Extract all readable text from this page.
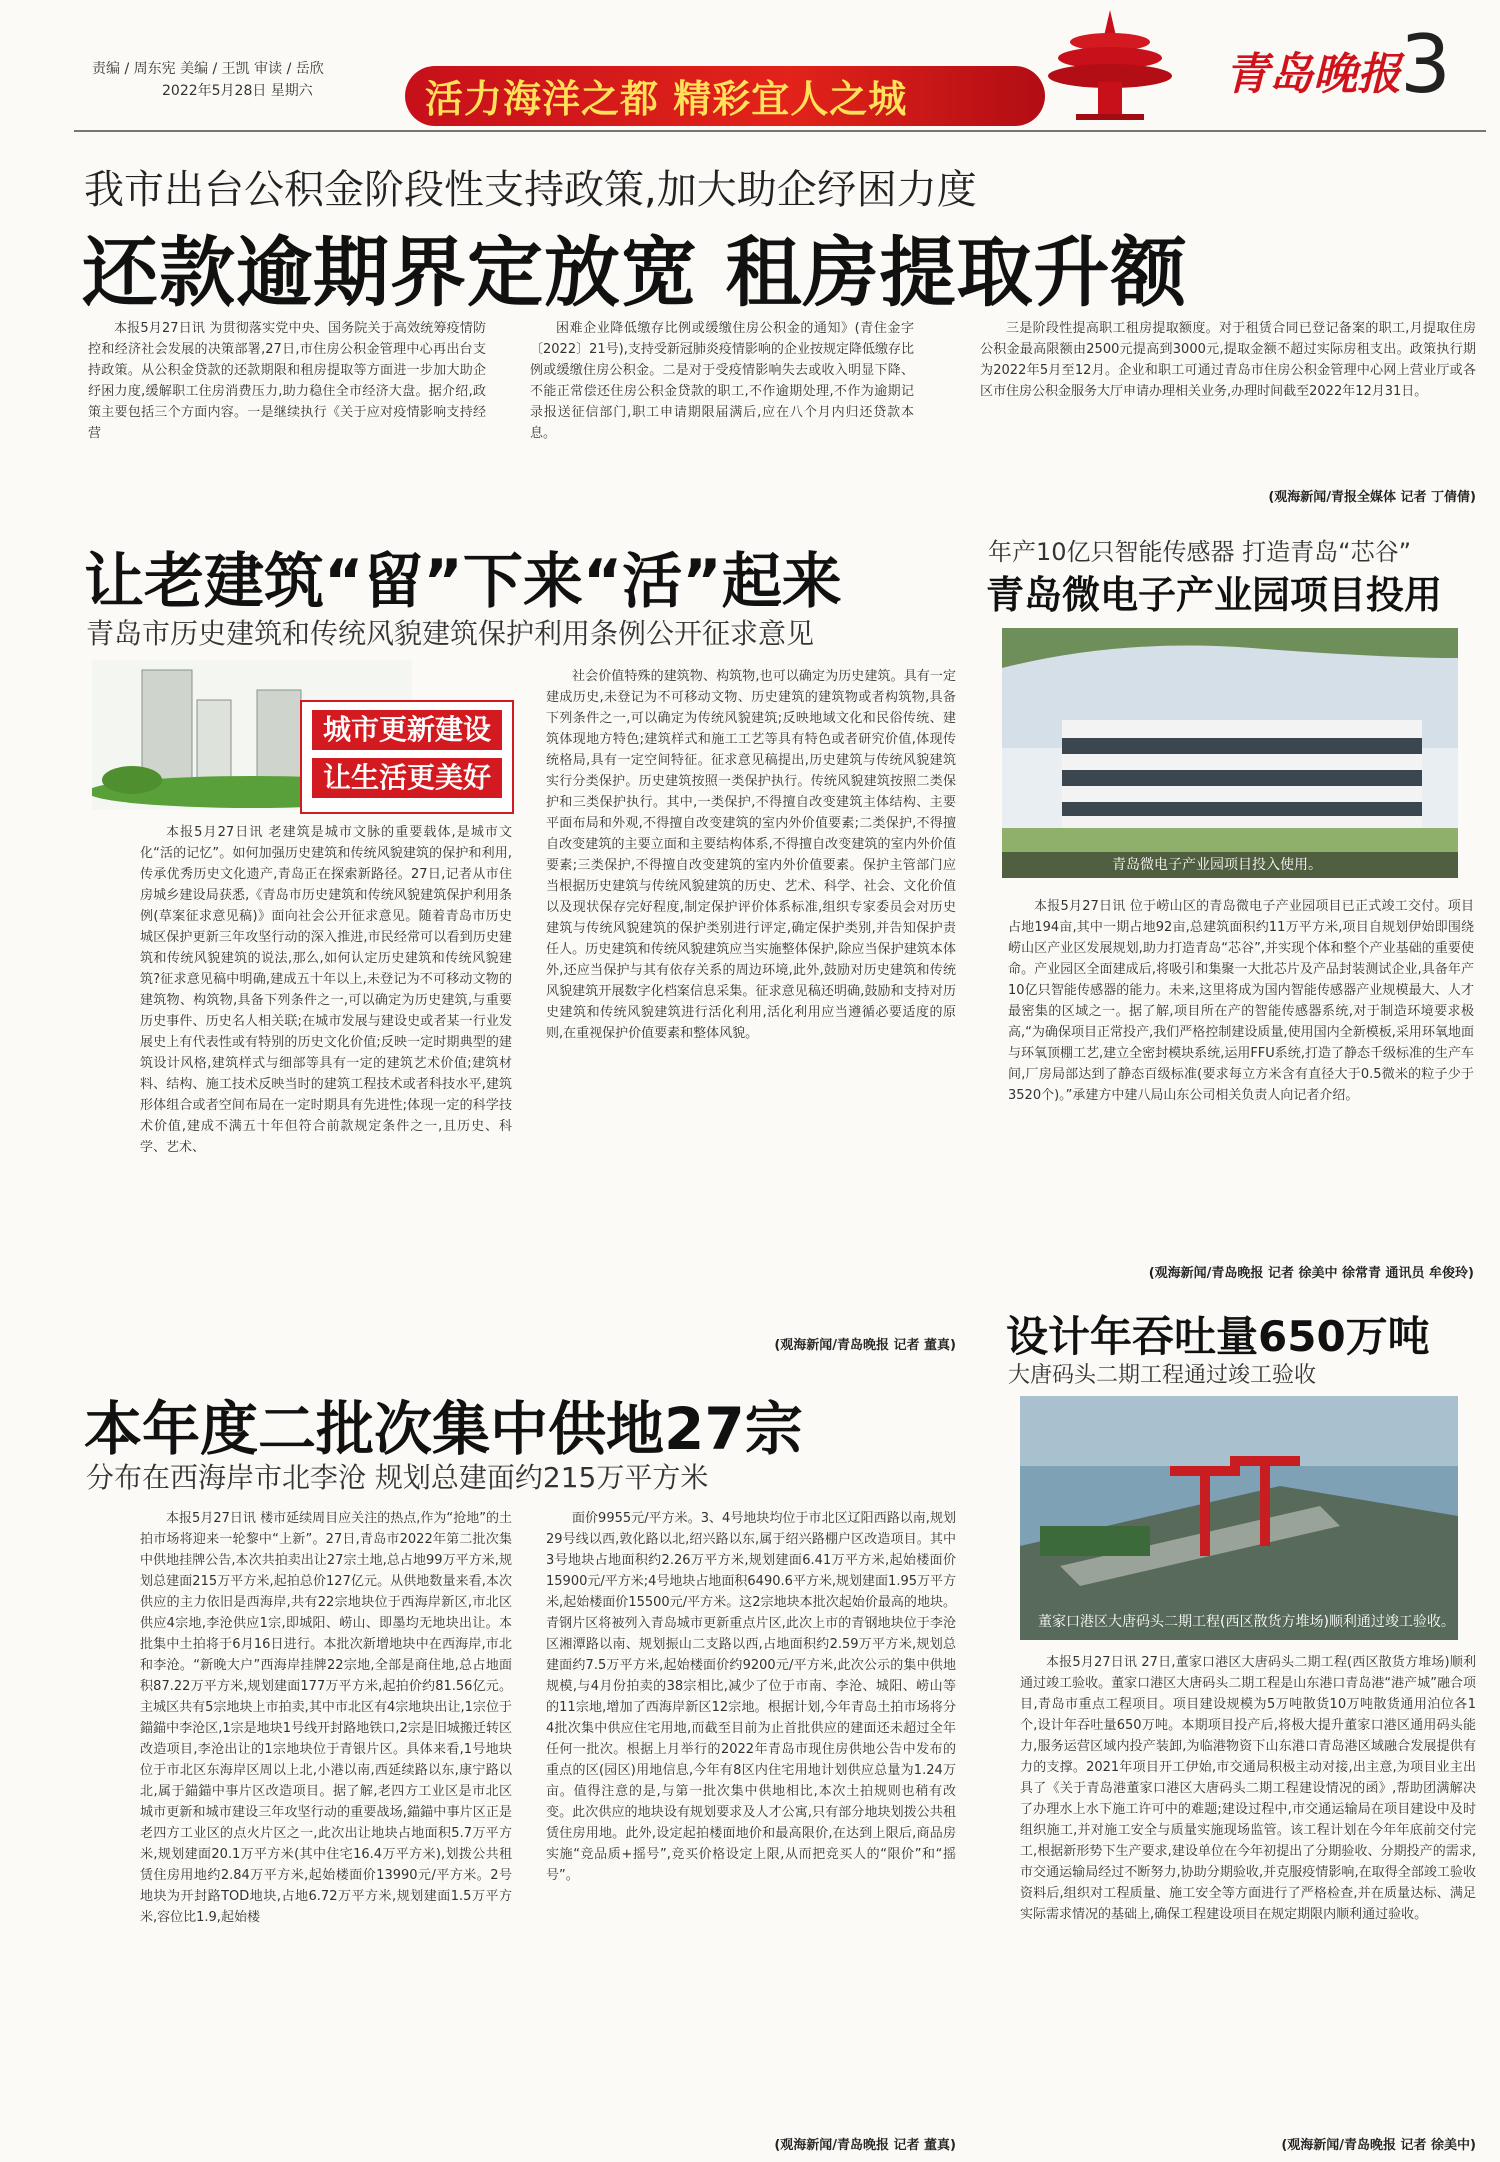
责编 / 周东宪 美编 / 王凯 审读 / 岳欣
2022年5月28日 星期六	活力海洋之都 精彩宜人之城	青岛晚报 3
我市出台公积金阶段性支持政策,加大助企纾困力度
还款逾期界定放宽 租房提取升额

本报5月27日讯 为贯彻落实党中央、国务院关于高效统筹疫情防控和经济社会发展的决策部署,27日,市住房公积金管理中心再出台支持政策。从公积金贷款的还款期限和租房提取等方面进一步加大助企纾困力度,缓解职工住房消费压力,助力稳住全市经济大盘。据介绍,政策主要包括三个方面内容。一是继续执行《关于应对疫情影响支持经营

困难企业降低缴存比例或缓缴住房公积金的通知》(青住金字〔2022〕21号),支持受新冠肺炎疫情影响的企业按规定降低缴存比例或缓缴住房公积金。二是对于受疫情影响失去或收入明显下降、不能正常偿还住房公积金贷款的职工,不作逾期处理,不作为逾期记录报送征信部门,职工申请期限届满后,应在八个月内归还贷款本息。

三是阶段性提高职工租房提取额度。对于租赁合同已登记备案的职工,月提取住房公积金最高限额由2500元提高到3000元,提取金额不超过实际房租支出。政策执行期为2022年5月至12月。企业和职工可通过青岛市住房公积金管理中心网上营业厅或各区市住房公积金服务大厅申请办理相关业务,办理时间截至2022年12月31日。

(观海新闻/青报全媒体 记者 丁倩倩)
让老建筑“留”下来“活”起来
青岛市历史建筑和传统风貌建筑保护利用条例公开征求意见
城市更新建设
让生活更美好

本报5月27日讯 老建筑是城市文脉的重要载体,是城市文化“活的记忆”。如何加强历史建筑和传统风貌建筑的保护和利用,传承优秀历史文化遗产,青岛正在探索新路径。27日,记者从市住房城乡建设局获悉,《青岛市历史建筑和传统风貌建筑保护利用条例(草案征求意见稿)》面向社会公开征求意见。随着青岛市历史城区保护更新三年攻坚行动的深入推进,市民经常可以看到历史建筑和传统风貌建筑的说法,那么,如何认定历史建筑和传统风貌建筑?征求意见稿中明确,建成五十年以上,未登记为不可移动文物的建筑物、构筑物,具备下列条件之一,可以确定为历史建筑,与重要历史事件、历史名人相关联;在城市发展与建设史或者某一行业发展史上有代表性或有特别的历史文化价值;反映一定时期典型的建筑设计风格,建筑样式与细部等具有一定的建筑艺术价值;建筑材料、结构、施工技术反映当时的建筑工程技术或者科技水平,建筑形体组合或者空间布局在一定时期具有先进性;体现一定的科学技术价值,建成不满五十年但符合前款规定条件之一,且历史、科学、艺术、

社会价值特殊的建筑物、构筑物,也可以确定为历史建筑。具有一定建成历史,未登记为不可移动文物、历史建筑的建筑物或者构筑物,具备下列条件之一,可以确定为传统风貌建筑;反映地域文化和民俗传统、建筑体现地方特色;建筑样式和施工工艺等具有特色或者研究价值,体现传统格局,具有一定空间特征。征求意见稿提出,历史建筑与传统风貌建筑实行分类保护。历史建筑按照一类保护执行。传统风貌建筑按照二类保护和三类保护执行。其中,一类保护,不得擅自改变建筑主体结构、主要平面布局和外观,不得擅自改变建筑的室内外价值要素;二类保护,不得擅自改变建筑的主要立面和主要结构体系,不得擅自改变建筑的室内外价值要素;三类保护,不得擅自改变建筑的室内外价值要素。保护主管部门应当根据历史建筑与传统风貌建筑的历史、艺术、科学、社会、文化价值以及现状保存完好程度,制定保护评价体系标准,组织专家委员会对历史建筑与传统风貌建筑的保护类别进行评定,确定保护类别,并告知保护责任人。历史建筑和传统风貌建筑应当实施整体保护,除应当保护建筑本体外,还应当保护与其有依存关系的周边环境,此外,鼓励对历史建筑和传统风貌建筑开展数字化档案信息采集。征求意见稿还明确,鼓励和支持对历史建筑和传统风貌建筑进行活化利用,活化利用应当遵循必要适度的原则,在重视保护价值要素和整体风貌。

(观海新闻/青岛晚报 记者 董真)
年产10亿只智能传感器 打造青岛“芯谷”
青岛微电子产业园项目投用
青岛微电子产业园项目投入使用。

本报5月27日讯 位于崂山区的青岛微电子产业园项目已正式竣工交付。项目占地194亩,其中一期占地92亩,总建筑面积约11万平方米,项目自规划伊始即围绕崂山区产业区发展规划,助力打造青岛“芯谷”,并实现个体和整个产业基础的重要使命。产业园区全面建成后,将吸引和集聚一大批芯片及产品封装测试企业,具备年产10亿只智能传感器的能力。未来,这里将成为国内智能传感器产业规模最大、人才最密集的区域之一。据了解,项目所在产的智能传感器系统,对于制造环境要求极高,“为确保项目正常投产,我们严格控制建设质量,使用国内全新模板,采用环氧地面与环氧顶棚工艺,建立全密封模块系统,运用FFU系统,打造了静态千级标准的生产车间,厂房局部达到了静态百级标准(要求每立方米含有直径大于0.5微米的粒子少于3520个)。”承建方中建八局山东公司相关负责人向记者介绍。

(观海新闻/青岛晚报 记者 徐美中 徐常青 通讯员 牟俊玲)
本年度二批次集中供地27宗
分布在西海岸市北李沧 规划总建面约215万平方米

本报5月27日讯 楼市延续周目应关注的热点,作为“抢地”的土拍市场将迎来一轮黎中“上新”。27日,青岛市2022年第二批次集中供地挂牌公告,本次共拍卖出让27宗土地,总占地99万平方米,规划总建面215万平方米,起拍总价127亿元。从供地数量来看,本次供应的主力依旧是西海岸,共有22宗地块位于西海岸新区,市北区供应4宗地,李沧供应1宗,即城阳、崂山、即墨均无地块出让。本批集中土拍将于6月16日进行。本批次新增地块中在西海岸,市北和李沧。“新晚大户”西海岸挂牌22宗地,全部是商住地,总占地面积87.22万平方米,规划建面177万平方米,起拍价约81.56亿元。主城区共有5宗地块上市拍卖,其中市北区有4宗地块出让,1宗位于錨錨中李沧区,1宗是地块1号线开封路地铁口,2宗是旧城搬迁转区改造项目,李沧出让的1宗地块位于青银片区。具体来看,1号地块位于市北区东海岸区周以上北,小港以南,西延续路以东,康宁路以北,属于錨錨中事片区改造项目。据了解,老四方工业区是市北区城市更新和城市建设三年攻坚行动的重要战场,錨錨中事片区正是老四方工业区的点火片区之一,此次出让地块占地面积5.7万平方米,规划建面20.1万平方米(其中住宅16.4万平方米),划拨公共租赁住房用地约2.84万平方米,起始楼面价13990元/平方米。2号地块为开封路TOD地块,占地6.72万平方米,规划建面1.5万平方米,容位比1.9,起始楼

面价9955元/平方米。3、4号地块均位于市北区辽阳西路以南,规划29号线以西,敦化路以北,绍兴路以东,属于绍兴路棚户区改造项目。其中3号地块占地面积约2.26万平方米,规划建面6.41万平方米,起始楼面价15900元/平方米;4号地块占地面积6490.6平方米,规划建面1.95万平方米,起始楼面价15500元/平方米。这2宗地块本批次起始价最高的地块。青钢片区将被列入青岛城市更新重点片区,此次上市的青钢地块位于李沧区湘潭路以南、规划振山二支路以西,占地面积约2.59万平方米,规划总建面约7.5万平方米,起始楼面价约9200元/平方米,此次公示的集中供地规模,与4月份拍卖的38宗相比,减少了位于市南、李沧、城阳、崂山等的11宗地,增加了西海岸新区12宗地。根据计划,今年青岛土拍市场将分4批次集中供应住宅用地,而截至目前为止首批供应的建面还未超过全年任何一批次。根据上月举行的2022年青岛市现住房供地公告中发布的重点的区(园区)用地信息,今年有8区内住宅用地计划供应总量为1.24万亩。值得注意的是,与第一批次集中供地相比,本次土拍规则也稍有改变。此次供应的地块设有规划要求及人才公寓,只有部分地块划拨公共租赁住房用地。此外,设定起拍楼面地价和最高限价,在达到上限后,商品房实施“竞品质+摇号”,竞买价格设定上限,从而把竞买人的“限价”和“摇号”。

(观海新闻/青岛晚报 记者 董真)
设计年吞吐量650万吨
大唐码头二期工程通过竣工验收
董家口港区大唐码头二期工程(西区散货方堆场)顺利通过竣工验收。

本报5月27日讯 27日,董家口港区大唐码头二期工程(西区散货方堆场)顺利通过竣工验收。董家口港区大唐码头二期工程是山东港口青岛港“港产城”融合项目,青岛市重点工程项目。项目建设规模为5万吨散货10万吨散货通用泊位各1个,设计年吞吐量650万吨。本期项目投产后,将极大提升董家口港区通用码头能力,服务运营区域内投产装卸,为临港物资下山东港口青岛港区域融合发展提供有力的支撑。2021年项目开工伊始,市交通局积极主动对接,出主意,为项目业主出具了《关于青岛港董家口港区大唐码头二期工程建设情况的函》,帮助团满解决了办理水上水下施工许可中的难题;建设过程中,市交通运输局在项目建设中及时组织施工,并对施工安全与质量实施现场监管。该工程计划在今年年底前交付完工,根据新形势下生产要求,建设单位在今年初提出了分期验收、分期投产的需求,市交通运输局经过不断努力,协助分期验收,并克服疫情影响,在取得全部竣工验收资料后,组织对工程质量、施工安全等方面进行了严格检查,并在质量达标、满足实际需求情况的基础上,确保工程建设项目在规定期限内顺利通过验收。

(观海新闻/青岛晚报 记者 徐美中)
